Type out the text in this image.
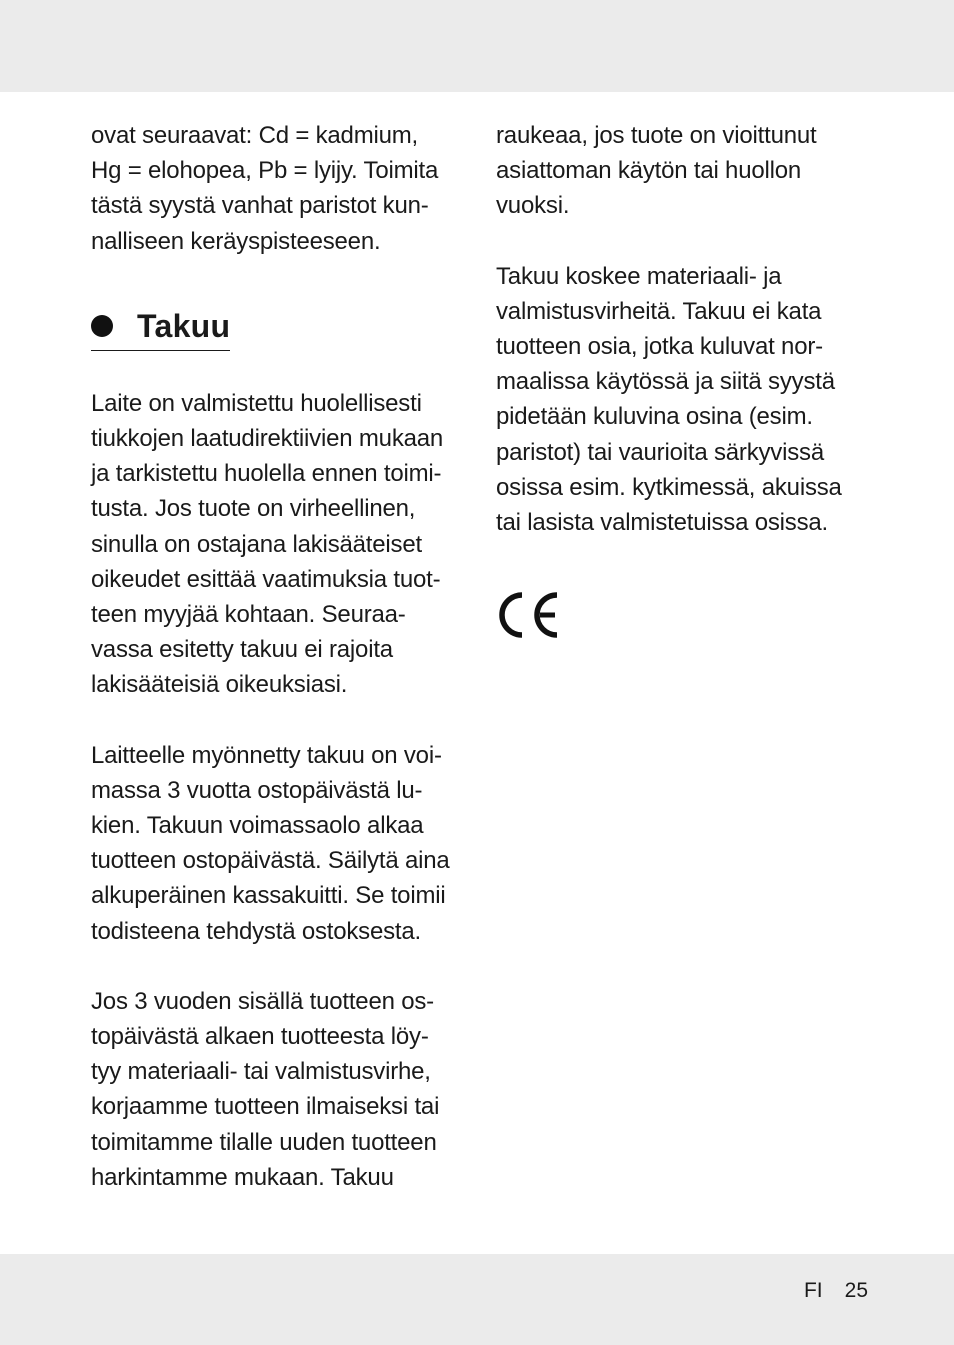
ovat seuraavat: Cd = kadmium,
Hg = elohopea, Pb = lyijy. Toimita
tästä syystä vanhat paristot kun-
nalliseen keräyspisteeseen.

Takuu

Laite on valmistettu huolellisesti
tiukkojen laatudirektiivien mukaan
ja tarkistettu huolella ennen toimi-
tusta. Jos tuote on virheellinen,
sinulla on ostajana lakisääteiset
oikeudet esittää vaatimuksia tuot-
teen myyjää kohtaan. Seuraa-
vassa esitetty takuu ei rajoita
lakisääteisiä oikeuksiasi.

Laitteelle myönnetty takuu on voi-
massa 3 vuotta ostopäivästä lu-
kien. Takuun voimassaolo alkaa
tuotteen ostopäivästä. Säilytä aina
alkuperäinen kassakuitti. Se toimii
todisteena tehdystä ostoksesta.

Jos 3 vuoden sisällä tuotteen os-
topäivästä alkaen tuotteesta löy-
tyy materiaali- tai valmistusvirhe,
korjaamme tuotteen ilmaiseksi tai
toimitamme tilalle uuden tuotteen
harkintamme mukaan. Takuu

raukeaa, jos tuote on vioittunut
asiattoman käytön tai huollon
vuoksi.

Takuu koskee materiaali- ja
valmistusvirheitä. Takuu ei kata
tuotteen osia, jotka kuluvat nor-
maalissa käytössä ja siitä syystä
pidetään kuluvina osina (esim.
paristot) tai vaurioita särkyvissä
osissa esim. kytkimessä, akuissa
tai lasista valmistetuissa osissa.

FI 25
